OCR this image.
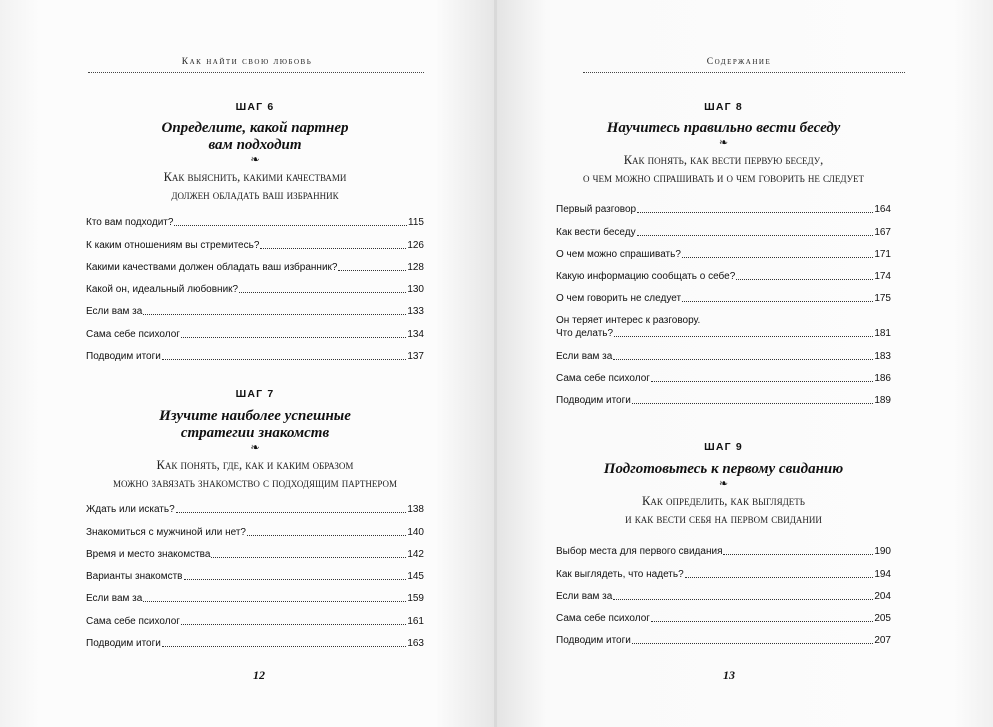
Как найти свою любовь
ШАГ 6
Определите, какой партнер
вам подходит
❧
Как выяснить, какими качествами
должен обладать ваш избранник
Кто вам подходит?	115
К каким отношениям вы стремитесь?	126
Какими качествами должен обладать ваш избранник?	128
Какой он, идеальный любовник?	130
Если вам за	133
Сама себе психолог	134
Подводим итоги	137
ШАГ 7
Изучите наиболее успешные
стратегии знакомств
❧
Как понять, где, как и каким образом
можно завязать знакомство с подходящим партнером
Ждать или искать?	138
Знакомиться с мужчиной или нет?	140
Время и место знакомства	142
Варианты знакомств	145
Если вам за	159
Сама себе психолог	161
Подводим итоги	163
12
Содержание
ШАГ 8
Научитесь правильно вести беседу
❧
Как понять, как вести первую беседу,
о чем можно спрашивать и о чем говорить не следует
Первый разговор	164
Как вести беседу	167
О чем можно спрашивать?	171
Какую информацию сообщать о себе?	174
О чем говорить не следует	175
Он теряет интерес к разговору.
Что делать?	181
Если вам за	183
Сама себе психолог	186
Подводим итоги	189
ШАГ 9
Подготовьтесь к первому свиданию
❧
Как определить, как выглядеть
и как вести себя на первом свидании
Выбор места для первого свидания	190
Как выглядеть, что надеть?	194
Если вам за	204
Сама себе психолог	205
Подводим итоги	207
13
